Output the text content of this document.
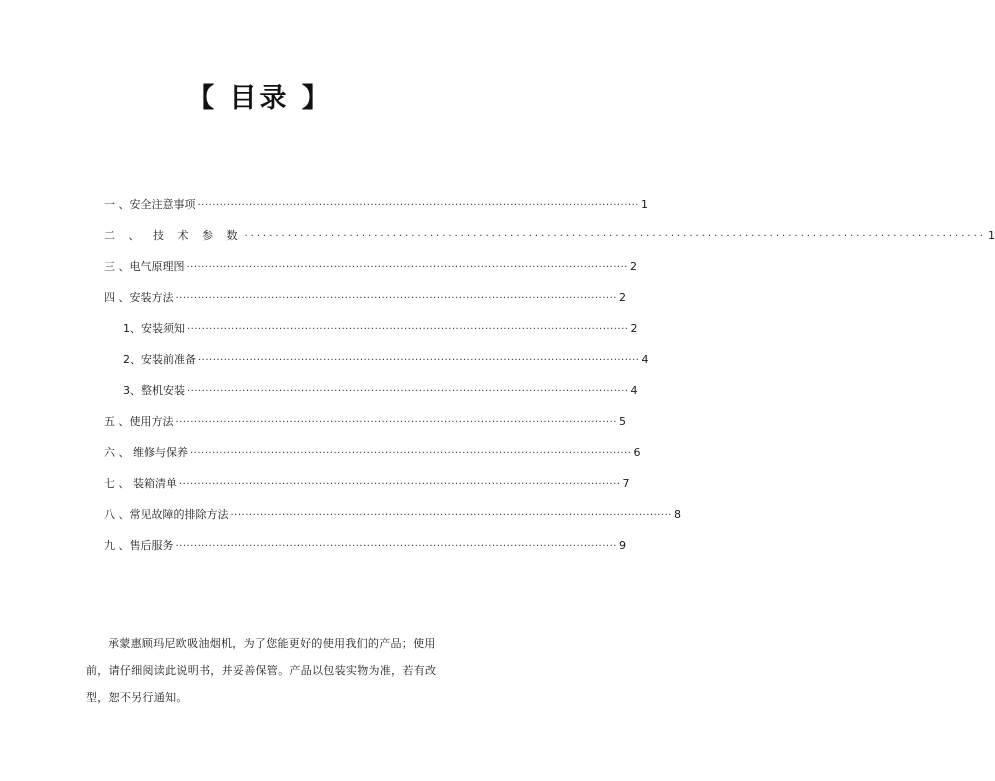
【 目录 】
一 、安全注意事项 ························································································································ 1
二 、 技 术 参 数 ························································································································ 1
三 、电气原理图 ························································································································ 2
四 、安装方法 ························································································································ 2
1、安装须知 ························································································································ 2
2、安装前准备 ························································································································ 4
3、整机安装 ························································································································ 4
五 、使用方法 ························································································································ 5
六 、 维修与保养 ························································································································ 6
七 、 装箱清单 ························································································································ 7
八 、常见故障的排除方法 ························································································································ 8
九 、售后服务 ························································································································ 9

承蒙惠顾玛尼欧吸油烟机，为了您能更好的使用我们的产品；使用前，请仔细阅读此说明书，并妥善保管。产品以包装实物为准，若有改型，恕不另行通知。
